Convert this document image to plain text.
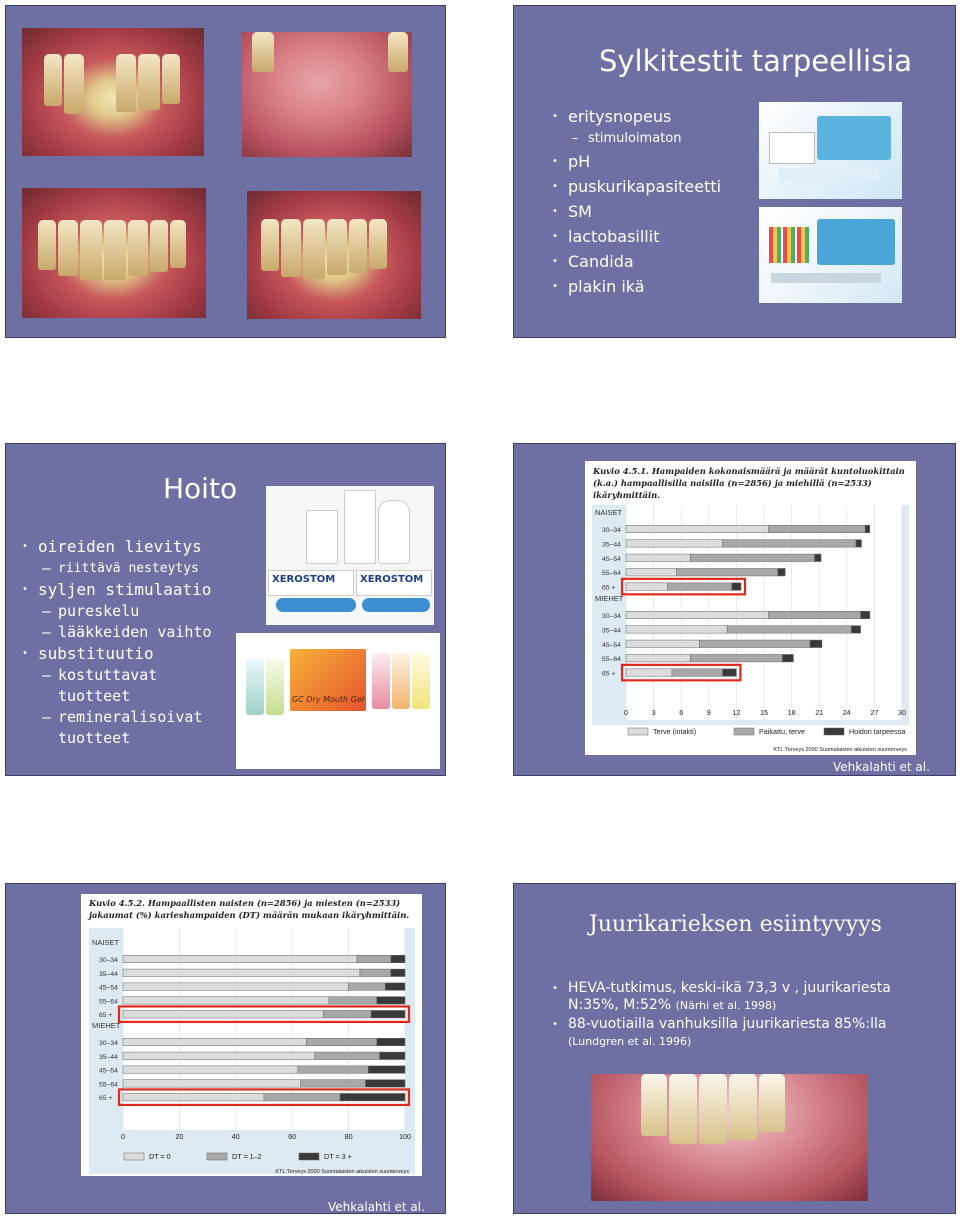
Sylkitestit tarpeellisia
• eritysnopeus
– stimuloimaton
• pH
• puskurikapasiteetti
• SM
• lactobasillit
• Candida
• plakin ikä
Hoito
• oireiden lievitys
– riittävä nesteytys
• syljen stimulaatio
– pureskelu
– lääkkeiden vaihto
• substituutio
– kostuttavat tuotteet
– remineralisoivat tuotteet
XEROSTOM XEROSTOM
GC Dry Mouth Gel
Kuvio 4.5.1. Hampaiden kokonaismäärä ja määrät kuntoluokittain (k.a.) hampaallisilla naisilla (n=2856) ja miehillä (n=2533) ikäryhmittäin.
NAISET
30–34
35–44
45–54
55–64
65 +
MIEHET
30–34
35–44
45–54
55–64
65 +
0	3	6	9	12	15	18	21	24	27	30
Terve (intakti)	Paikattu, terve	Hoidon tarpeessa
KTL:Terveys 2000 Suomalaisten aikuisten suunterveys
Vehkalahti et al. 2004
Kuvio 4.5.2. Hampaallisten naisten (n=2856) ja miesten (n=2533) jakaumat (%) karieshampaiden (DT) määrän mukaan ikäryhmittäin.
NAISET
30–34
35–44
45–54
55–64
65 +
MIEHET
30–34
35–44
45–54
55–64
65 +
0	20	40	60	80	100
DT = 0	DT = 1–2	DT = 3 +
KTL:Terveys 2000 Suomalaisten aikuisten suunterveys
Vehkalahti et al. 2004
Juurikarieksen esiintyvyys
• HEVA-tutkimus, keski-ikä 73,3 v , juurikariesta N:35%, M:52% (Närhi et al. 1998)
• 88-vuotiailla vanhuksilla juurikariesta 85%:lla
(Lundgren et al. 1996)
